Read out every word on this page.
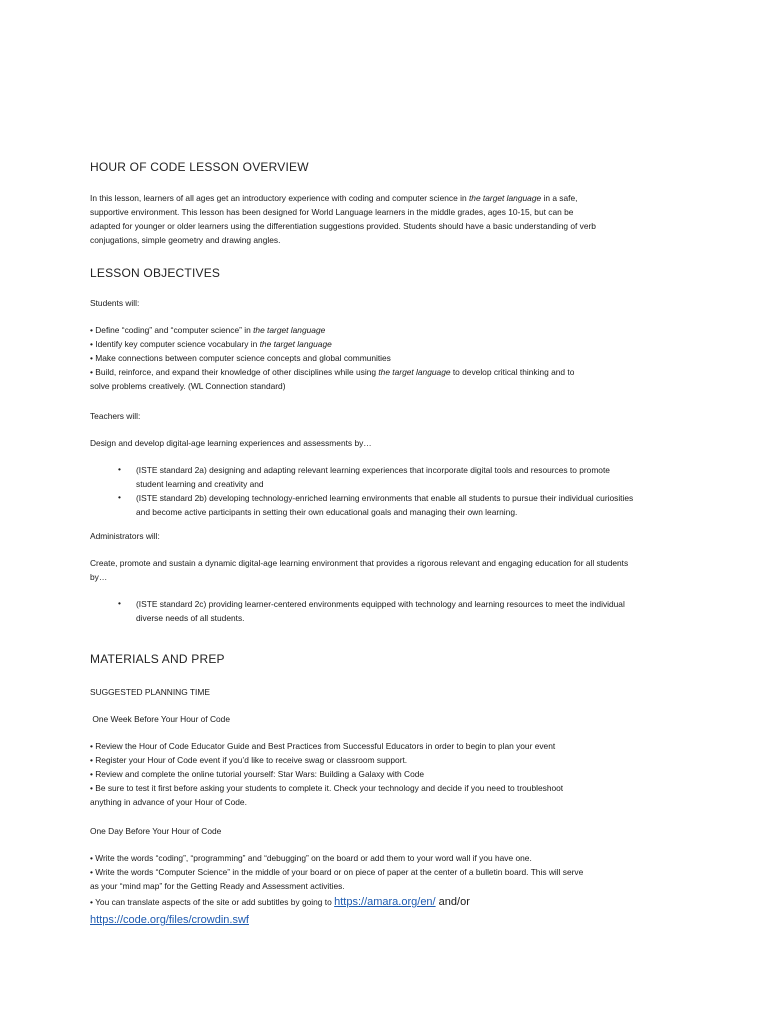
HOUR OF CODE LESSON OVERVIEW
In this lesson, learners of all ages get an introductory experience with coding and computer science in the target language in a safe,
supportive environment. This lesson has been designed for World Language learners in the middle grades, ages 10-15, but can be
adapted for younger or older learners using the differentiation suggestions provided. Students should have a basic understanding of verb
conjugations, simple geometry and drawing angles.
LESSON OBJECTIVES
Students will:
• Define “coding” and “computer science” in the target language
• Identify key computer science vocabulary in the target language
• Make connections between computer science concepts and global communities
• Build, reinforce, and expand their knowledge of other disciplines while using the target language to develop critical thinking and to
solve problems creatively. (WL Connection standard)
Teachers will:
Design and develop digital-age learning experiences and assessments by…
• (ISTE standard 2a) designing and adapting relevant learning experiences that incorporate digital tools and resources to promote
student learning and creativity and
• (ISTE standard 2b) developing technology-enriched learning environments that enable all students to pursue their individual curiosities
and become active participants in setting their own educational goals and managing their own learning.
Administrators will:
Create, promote and sustain a dynamic digital-age learning environment that provides a rigorous relevant and engaging education for all students
by…
• (ISTE standard 2c) providing learner-centered environments equipped with technology and learning resources to meet the individual
diverse needs of all students.
MATERIALS AND PREP
SUGGESTED PLANNING TIME
One Week Before Your Hour of Code
• Review the Hour of Code Educator Guide and Best Practices from Successful Educators in order to begin to plan your event
• Register your Hour of Code event if you’d like to receive swag or classroom support.
• Review and complete the online tutorial yourself: Star Wars: Building a Galaxy with Code
• Be sure to test it first before asking your students to complete it. Check your technology and decide if you need to troubleshoot
anything in advance of your Hour of Code.
One Day Before Your Hour of Code
• Write the words “coding”, “programming” and “debugging” on the board or add them to your word wall if you have one.
• Write the words “Computer Science” in the middle of your board or on piece of paper at the center of a bulletin board. This will serve
as your “mind map” for the Getting Ready and Assessment activities.
• You can translate aspects of the site or add subtitles by going to https://amara.org/en/ and/or
https://code.org/files/crowdin.swf
